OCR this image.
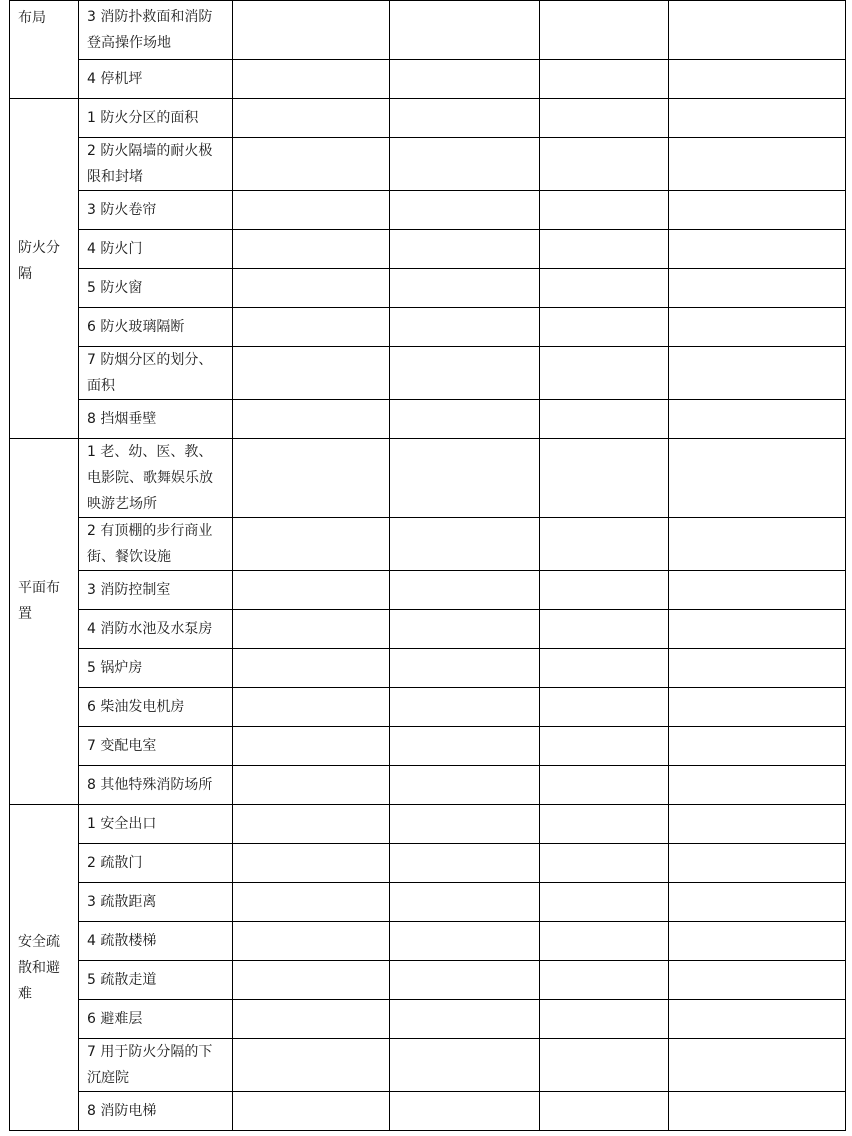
布局	3 消防扑救面和消防登高操作场地				

	4 停机坪				

防火分隔	1 防火分区的面积				

	2 防火隔墙的耐火极限和封堵				

	3 防火卷帘				

	4 防火门				

	5 防火窗				

	6 防火玻璃隔断				

	7 防烟分区的划分、面积				

	8 挡烟垂壁				

平面布置	1 老、幼、医、教、电影院、歌舞娱乐放映游艺场所				

	2 有顶棚的步行商业街、餐饮设施				

	3 消防控制室				

	4 消防水池及水泵房				

	5 锅炉房				

	6 柴油发电机房				

	7 变配电室				

	8 其他特殊消防场所				

安全疏散和避难	1 安全出口				

	2 疏散门				

	3 疏散距离				

	4 疏散楼梯				

	5 疏散走道				

	6 避难层				

	7 用于防火分隔的下沉庭院				

	8 消防电梯				
